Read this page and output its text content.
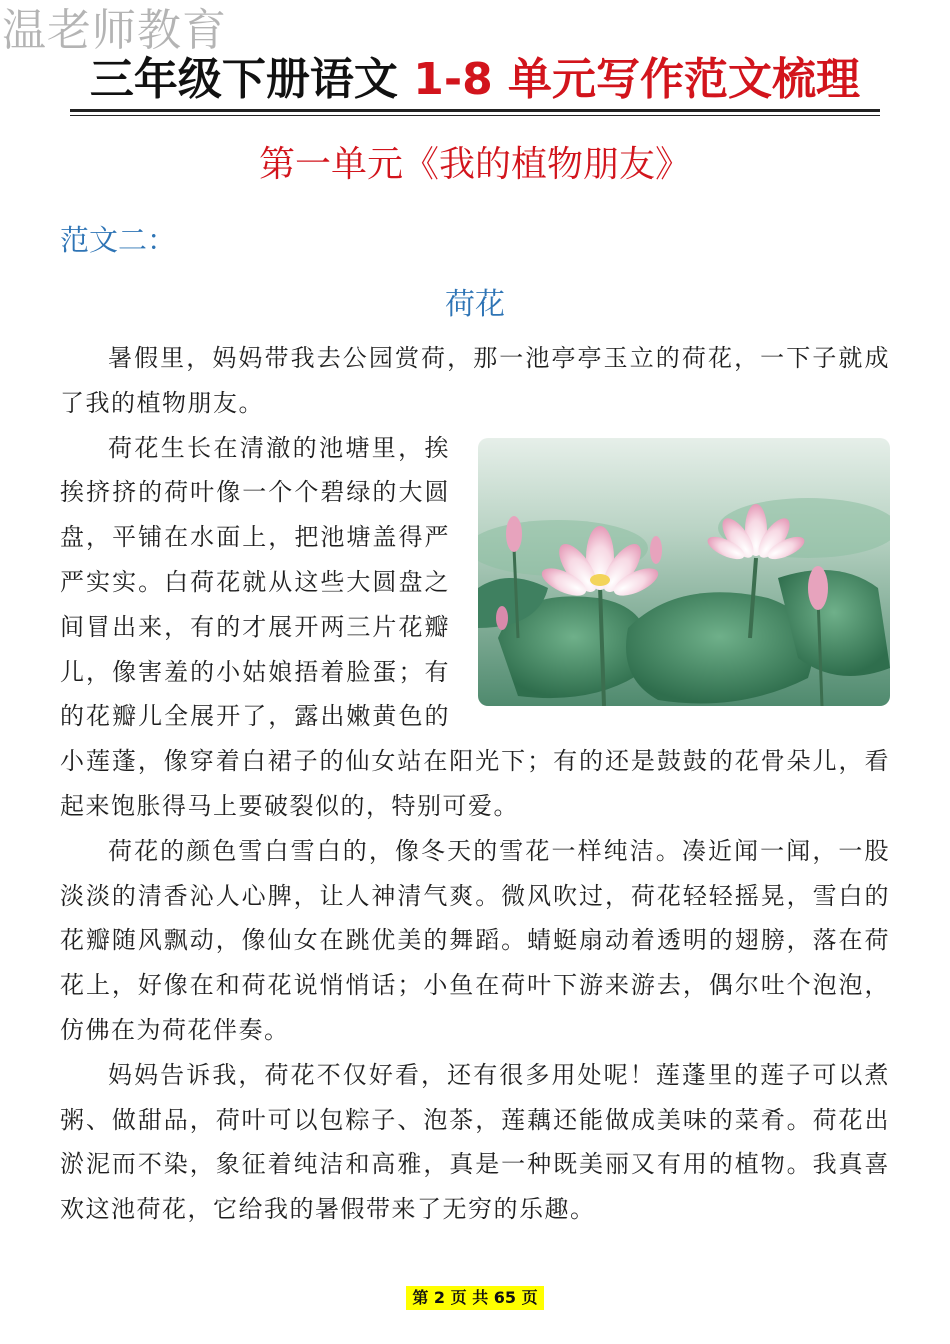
温老师教育
三年级下册语文 1-8 单元写作范文梳理
第一单元《我的植物朋友》
范文二：
荷花

暑假里，妈妈带我去公园赏荷，那一池亭亭玉立的荷花，一下子就成了我的植物朋友。

荷花生长在清澈的池塘里，挨挨挤挤的荷叶像一个个碧绿的大圆盘，平铺在水面上，把池塘盖得严严实实。白荷花就从这些大圆盘之间冒出来，有的才展开两三片花瓣儿，像害羞的小姑娘捂着脸蛋；有的花瓣儿全展开了，露出嫩黄色的小莲蓬，像穿着白裙子的仙女站在阳光下；有的还是鼓鼓的花骨朵儿，看起来饱胀得马上要破裂似的，特别可爱。

荷花的颜色雪白雪白的，像冬天的雪花一样纯洁。凑近闻一闻，一股淡淡的清香沁人心脾，让人神清气爽。微风吹过，荷花轻轻摇晃，雪白的花瓣随风飘动，像仙女在跳优美的舞蹈。蜻蜓扇动着透明的翅膀，落在荷花上，好像在和荷花说悄悄话；小鱼在荷叶下游来游去，偶尔吐个泡泡，仿佛在为荷花伴奏。

妈妈告诉我，荷花不仅好看，还有很多用处呢！莲蓬里的莲子可以煮粥、做甜品，荷叶可以包粽子、泡茶，莲藕还能做成美味的菜肴。荷花出淤泥而不染，象征着纯洁和高雅，真是一种既美丽又有用的植物。我真喜欢这池荷花，它给我的暑假带来了无穷的乐趣。

第 2 页 共 65 页
